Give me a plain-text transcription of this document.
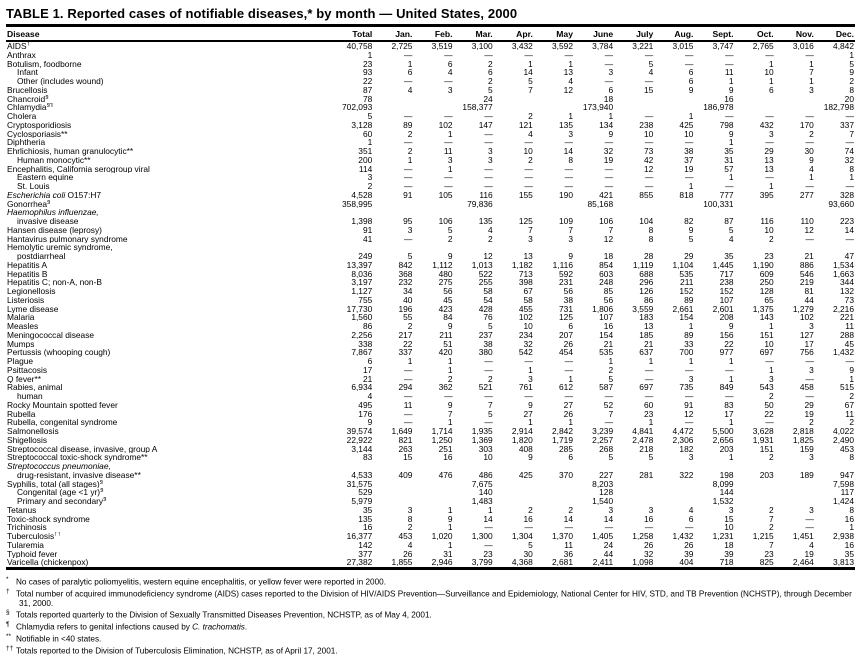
TABLE 1. Reported cases of notifiable diseases,* by month — United States, 2000
Disease	Total	Jan.	Feb.	Mar.	Apr.	May	June	July	Aug.	Sept.	Oct.	Nov.	Dec.
AIDS†	40,758	2,725	3,519	3,100	3,432	3,592	3,784	3,221	3,015	3,747	2,765	3,016	4,842
Anthrax	1	—	—	—	—	—	—	—	—	—	—	—	1
Botulism, foodborne	23	1	6	2	1	1	—	5	—	—	1	1	5
Infant	93	6	4	6	14	13	3	4	6	11	10	7	9
Other (includes wound)	22	—	—	2	5	4	—	—	6	1	1	1	2
Brucellosis	87	4	3	5	7	12	6	15	9	9	6	3	8
Chancroid§	78			24			18			16			20
Chlamydia§¶	702,093			158,377			173,940			186,978			182,798
Cholera	5	—	—	—	2	1	1	—	1	—	—	—	—
Cryptosporidiosis	3,128	89	102	147	121	135	134	238	425	798	432	170	337
Cyclosporiasis**	60	2	1	—	4	3	9	10	10	9	3	2	7
Diphtheria	1	—	—	—	—	—	—	—	—	1	—	—	—
Ehrlichiosis, human granulocytic**	351	2	11	3	10	14	32	73	38	35	29	30	74
Human monocytic**	200	1	3	3	2	8	19	42	37	31	13	9	32
Encephalitis, California serogroup viral	114	—	1	—	—	—	—	12	19	57	13	4	8
Eastern equine	3	—	—	—	—	—	—	—	—	1	—	1	1
St. Louis	2	—	—	—	—	—	—	—	1	—	1	—	—
Escherichia coli O157:H7	4,528	91	105	116	155	190	421	855	818	777	395	277	328
Gonorrhea§	358,995			79,836			85,168			100,331			93,660
Haemophilus influenzae,													
invasive disease	1,398	95	106	135	125	109	106	104	82	87	116	110	223
Hansen disease (leprosy)	91	3	5	4	7	7	7	8	9	5	10	12	14
Hantavirus pulmonary syndrome	41	—	2	2	3	3	12	8	5	4	2	—	—
Hemolytic uremic syndrome,													
postdiarrheal	249	5	9	12	13	9	18	28	29	35	23	21	47
Hepatitis A	13,397	842	1,112	1,013	1,182	1,116	854	1,119	1,104	1,445	1,190	886	1,534
Hepatitis B	8,036	368	480	522	713	592	603	688	535	717	609	546	1,663
Hepatitis C; non-A, non-B	3,197	232	275	255	398	231	248	296	211	238	250	219	344
Legionellosis	1,127	34	56	58	67	56	85	126	152	152	128	81	132
Listeriosis	755	40	45	54	58	38	56	86	89	107	65	44	73
Lyme disease	17,730	196	423	428	455	731	1,806	3,559	2,661	2,601	1,375	1,279	2,216
Malaria	1,560	55	84	76	102	125	107	183	154	208	143	102	221
Measles	86	2	9	5	10	6	16	13	1	9	1	3	11
Meningococcal disease	2,256	217	211	237	234	207	154	185	89	156	151	127	288
Mumps	338	22	51	38	32	26	21	21	33	22	10	17	45
Pertussis (whooping cough)	7,867	337	420	380	542	454	535	637	700	977	697	756	1,432
Plague	6	1	1	—	—	—	1	1	1	1	—	—	—
Psittacosis	17	—	1	—	1	—	2	—	—	—	1	3	9
Q fever**	21	—	2	2	3	1	5	—	3	1	3	—	1
Rabies, animal	6,934	294	362	521	761	612	587	697	735	849	543	458	515
human	4	—	—	—	—	—	—	—	—	—	2	—	2
Rocky Mountain spotted fever	495	11	9	7	9	27	52	60	91	83	50	29	67
Rubella	176	—	7	5	27	26	7	23	12	17	22	19	11
Rubella, congenital syndrome	9	—	1	—	1	1	—	1	—	1	—	2	2
Salmonellosis	39,574	1,649	1,714	1,935	2,914	2,842	3,239	4,841	4,472	5,500	3,628	2,818	4,022
Shigellosis	22,922	821	1,250	1,369	1,820	1,719	2,257	2,478	2,306	2,656	1,931	1,825	2,490
Streptococcal disease, invasive, group A	3,144	263	251	303	408	285	268	218	182	203	151	159	453
Streptococcal toxic-shock syndrome**	83	15	16	10	9	6	5	5	3	1	2	3	8
Streptococcus pneumoniae,													
drug-resistant, invasive disease**	4,533	409	476	486	425	370	227	281	322	198	203	189	947
Syphilis, total (all stages)§	31,575			7,675			8,203			8,099			7,598
Congenital (age <1 yr)§	529			140			128			144			117
Primary and secondary§	5,979			1,483			1,540			1,532			1,424
Tetanus	35	3	1	1	2	2	3	3	4	3	2	3	8
Toxic-shock syndrome	135	8	9	14	16	14	14	16	6	15	7	—	16
Trichinosis	16	2	1	—	—	—	—	—	—	10	2	—	1
Tuberculosis††	16,377	453	1,020	1,300	1,304	1,370	1,405	1,258	1,432	1,231	1,215	1,451	2,938
Tularemia	142	4	1	—	5	11	24	26	26	18	7	4	16
Typhoid fever	377	26	31	23	30	36	44	32	39	39	23	19	35
Varicella (chickenpox)	27,382	1,855	2,946	3,799	4,368	2,681	2,411	1,098	404	718	825	2,464	3,813
* No cases of paralytic poliomyelitis, western equine encephalitis, or yellow fever were reported in 2000.
† Total number of acquired immunodeficiency syndrome (AIDS) cases reported to the Division of HIV/AIDS Prevention—Surveillance and Epidemiology, National Center for HIV, STD, and TB Prevention (NCHSTP), through December 31, 2000.
§ Totals reported quarterly to the Division of Sexually Transmitted Diseases Prevention, NCHSTP, as of May 4, 2001.
¶ Chlamydia refers to genital infections caused by C. trachomatis.
** Notifiable in <40 states.
†† Totals reported to the Division of Tuberculosis Elimination, NCHSTP, as of April 17, 2001.
